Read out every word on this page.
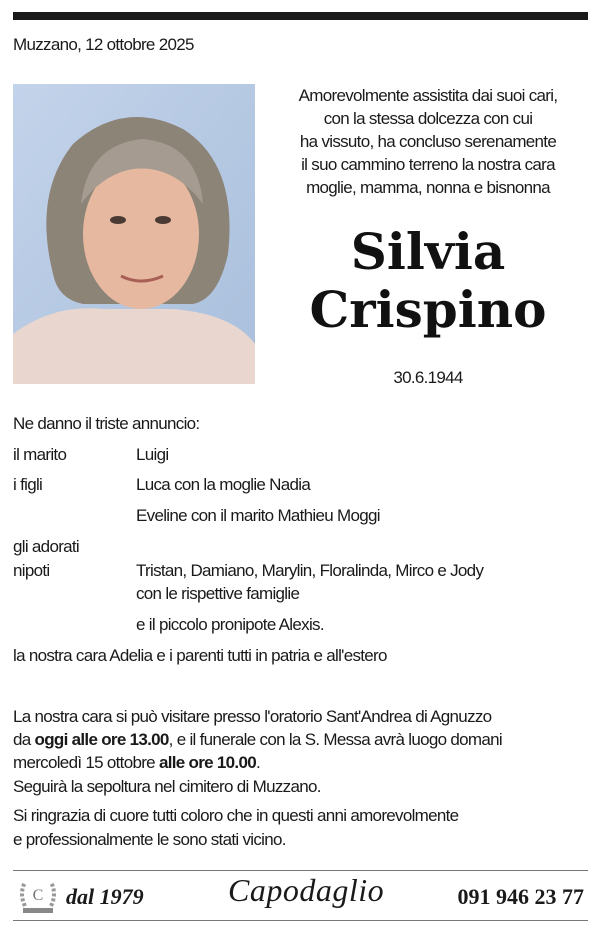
Muzzano, 12 ottobre 2025
Amorevolmente assistita dai suoi cari,
con la stessa dolcezza con cui
ha vissuto, ha concluso serenamente
il suo cammino terreno la nostra cara
moglie, mamma, nonna e bisnonna
Silvia
Crispino
30.6.1944
Ne danno il triste annuncio:
il marito	Luigi
i figli	Luca con la moglie Nadia
Eveline con il marito Mathieu Moggi
gli adorati
nipoti	Tristan, Damiano, Marylin, Floralinda, Mirco e Jody
con le rispettive famiglie
e il piccolo pronipote Alexis.
la nostra cara Adelia e i parenti tutti in patria e all'estero
La nostra cara si può visitare presso l'oratorio Sant'Andrea di Agnuzzo
da oggi alle ore 13.00, e il funerale con la S. Messa avrà luogo domani
mercoledì 15 ottobre alle ore 10.00.
Seguirà la sepoltura nel cimitero di Muzzano.
Si ringrazia di cuore tutti coloro che in questi anni amorevolmente
e professionalmente le sono stati vicino.
C dal 1979	Capodaglio	091 946 23 77
